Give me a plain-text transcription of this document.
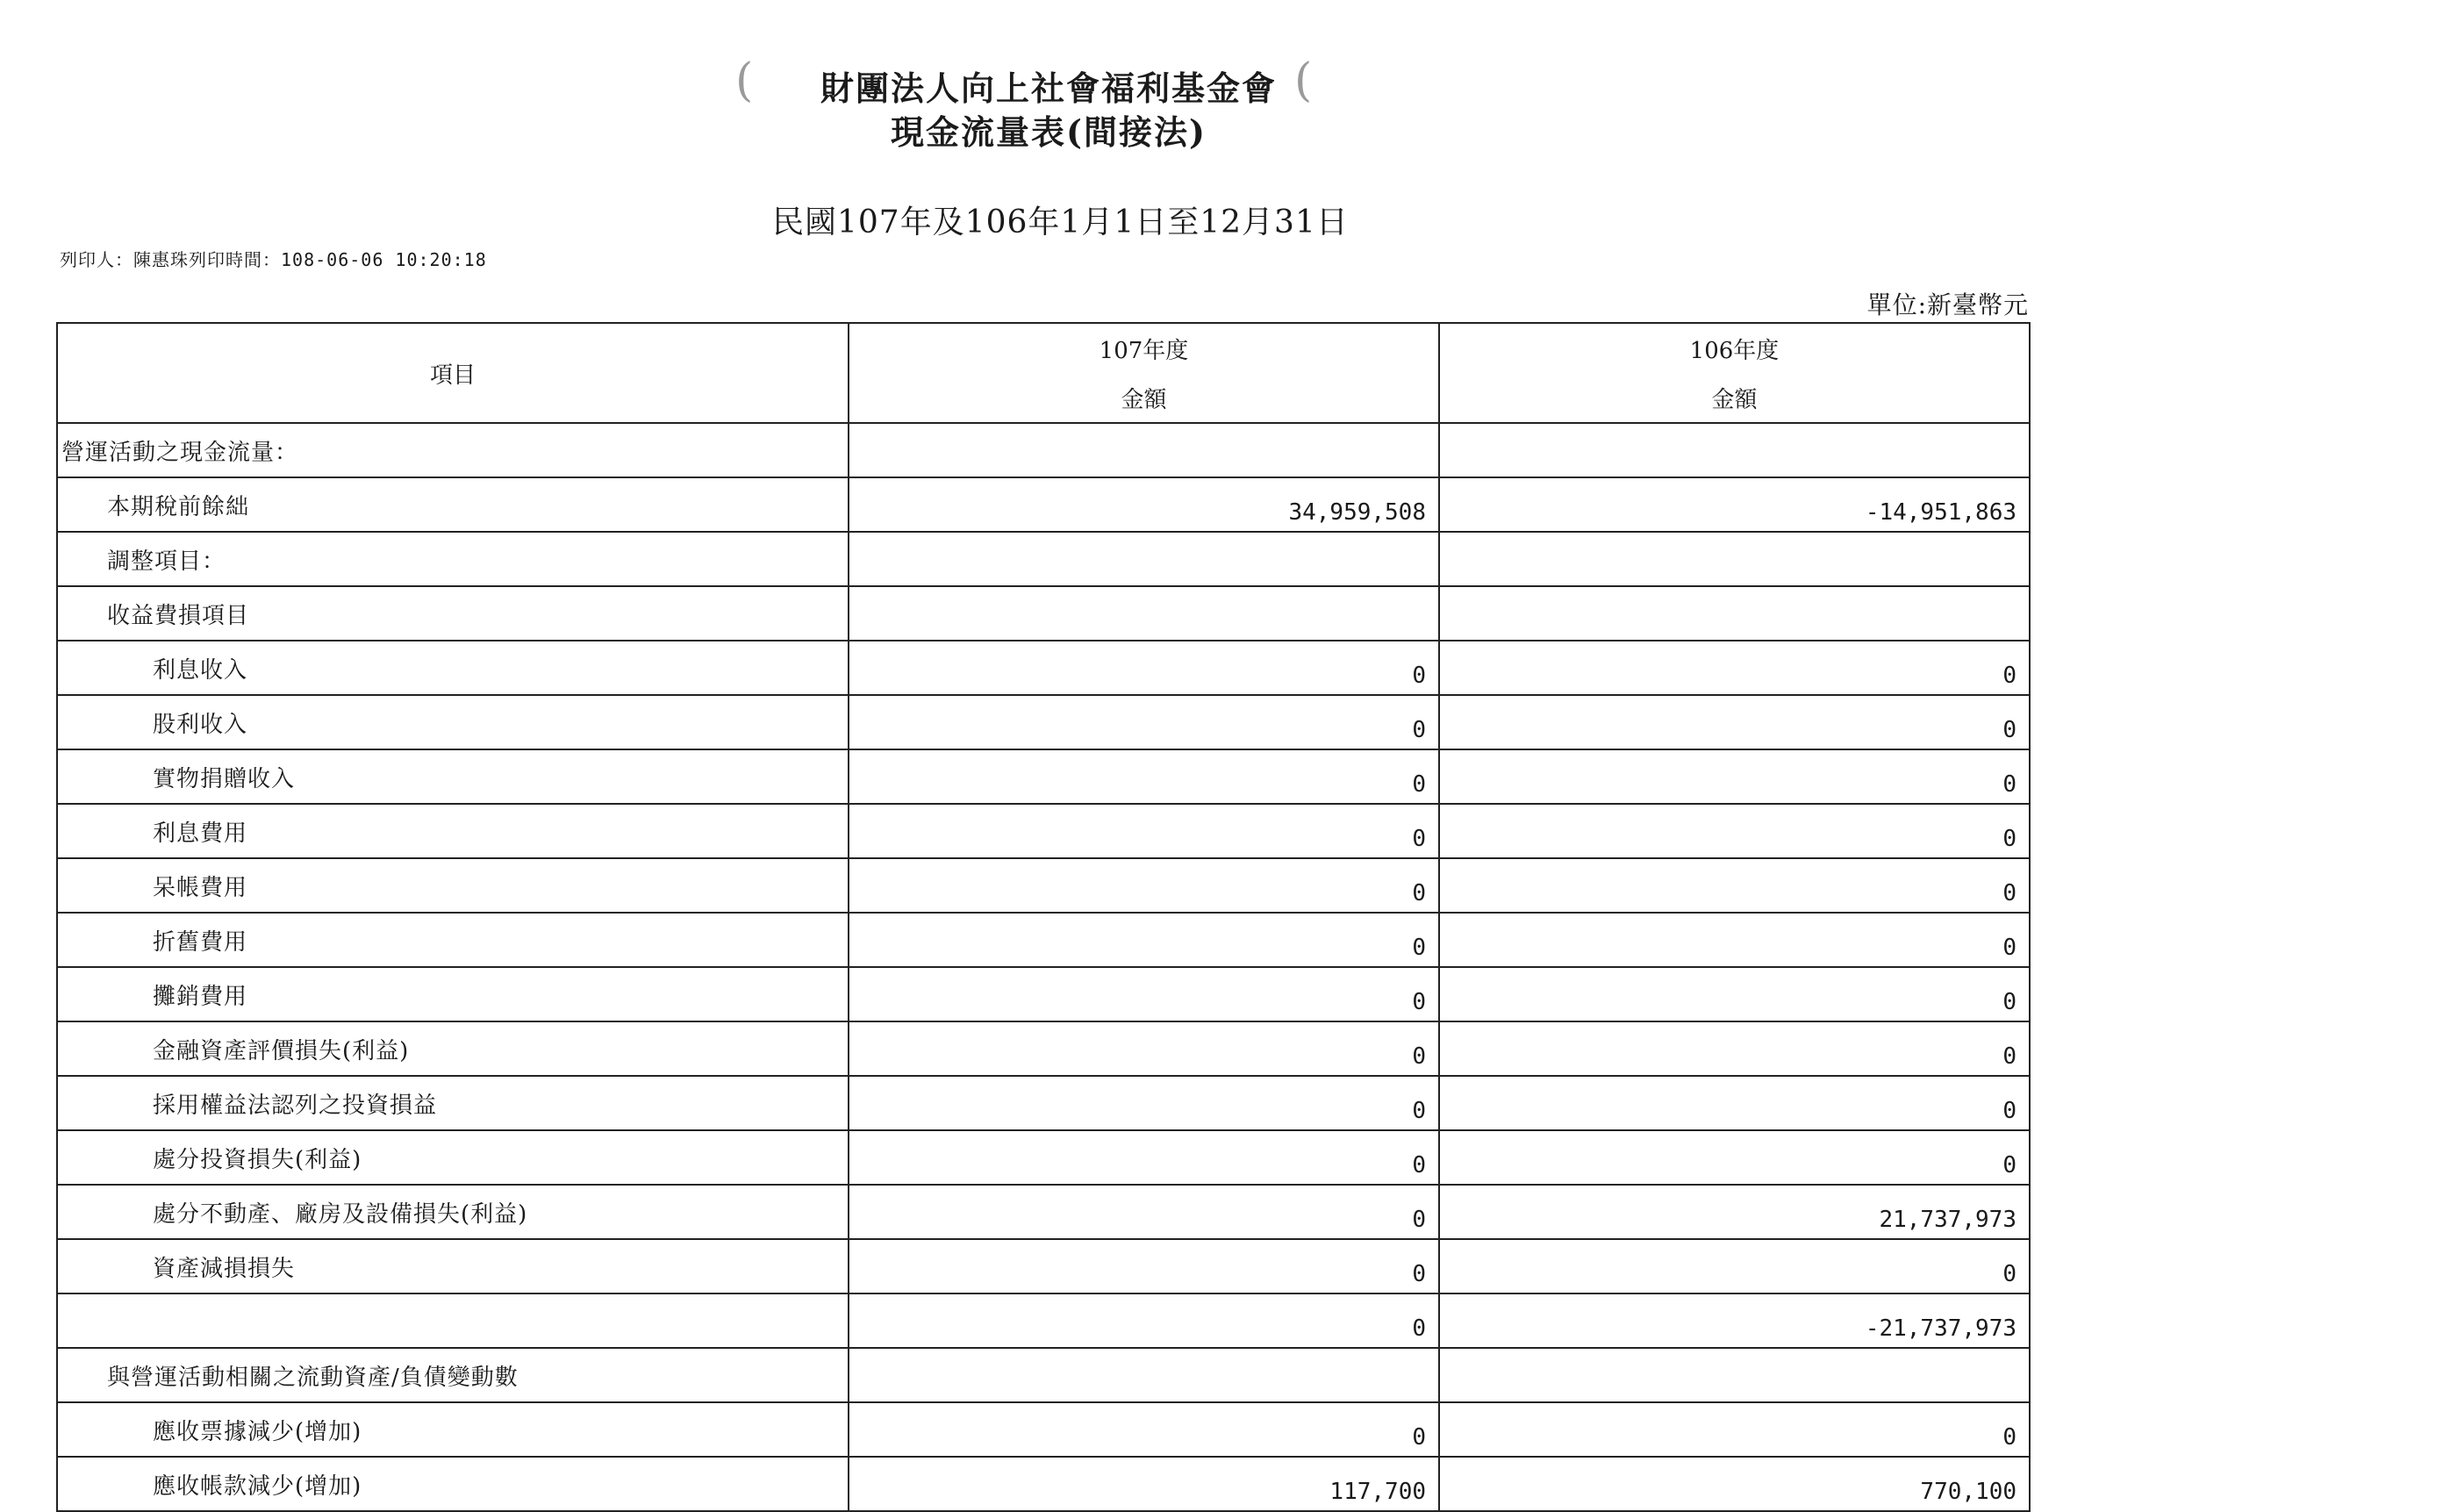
(	(
財團法人向上社會福利基金會
現金流量表(間接法)
民國107年及106年1月1日至12月31日
列印人：陳惠珠列印時間：108-06-06 10:20:18
單位:新臺幣元
項目	107年度	106年度
	金額	金額
營運活動之現金流量：		
本期稅前餘絀	34,959,508	-14,951,863
調整項目：		
收益費損項目		
利息收入	0	0
股利收入	0	0
實物捐贈收入	0	0
利息費用	0	0
呆帳費用	0	0
折舊費用	0	0
攤銷費用	0	0
金融資產評價損失(利益)	0	0
採用權益法認列之投資損益	0	0
處分投資損失(利益)	0	0
處分不動產、廠房及設備損失(利益)	0	21,737,973
資產減損損失	0	0
	0	-21,737,973
與營運活動相關之流動資產/負債變動數		
應收票據減少(增加)	0	0
應收帳款減少(增加)	117,700	770,100
